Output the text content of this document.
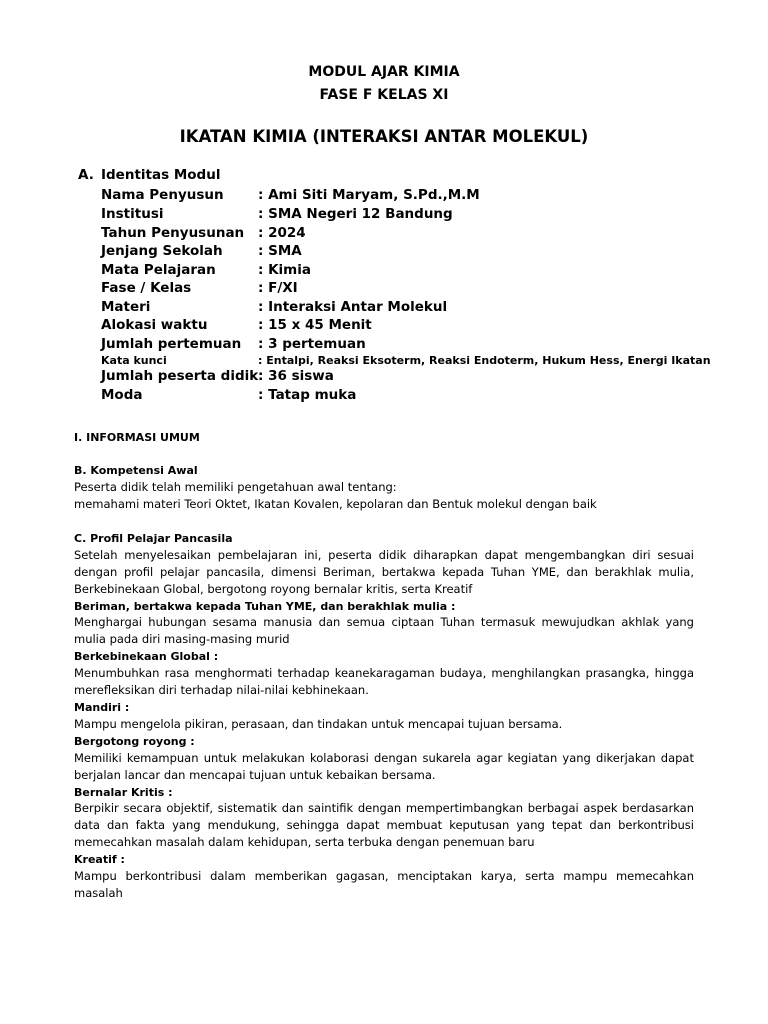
MODUL AJAR KIMIA
FASE F KELAS XI
IKATAN KIMIA (INTERAKSI ANTAR MOLEKUL)
A. Identitas Modul
Nama Penyusun	: Ami Siti Maryam, S.Pd.,M.M
Institusi	: SMA Negeri 12 Bandung
Tahun Penyusunan : 2024
Jenjang Sekolah	: SMA
Mata Pelajaran	: Kimia
Fase / Kelas	: F/XI
Materi	: Interaksi Antar Molekul
Alokasi waktu	: 15 x 45 Menit
Jumlah pertemuan : 3 pertemuan
Kata kunci	: Entalpi, Reaksi Eksoterm, Reaksi Endoterm, Hukum Hess, Energi Ikatan
Jumlah peserta didik : 36 siswa
Moda	: Tatap muka
I. INFORMASI UMUM
B. Kompetensi Awal
Peserta didik telah memiliki pengetahuan awal tentang:
memahami materi Teori Oktet, Ikatan Kovalen, kepolaran dan Bentuk molekul dengan baik
C. Profil Pelajar Pancasila
Setelah menyelesaikan pembelajaran ini, peserta didik diharapkan dapat mengembangkan diri sesuai dengan profil pelajar pancasila, dimensi Beriman, bertakwa kepada Tuhan YME, dan berakhlak mulia, Berkebinekaan Global, bergotong royong bernalar kritis, serta Kreatif
Beriman, bertakwa kepada Tuhan YME, dan berakhlak mulia :
Menghargai hubungan sesama manusia dan semua ciptaan Tuhan termasuk mewujudkan akhlak yang mulia pada diri masing-masing murid
Berkebinekaan Global :
Menumbuhkan rasa menghormati terhadap keanekaragaman budaya, menghilangkan prasangka, hingga merefleksikan diri terhadap nilai-nilai kebhinekaan.
Mandiri :
Mampu mengelola pikiran, perasaan, dan tindakan untuk mencapai tujuan bersama.
Bergotong royong :
Memiliki kemampuan untuk melakukan kolaborasi dengan sukarela agar kegiatan yang dikerjakan dapat berjalan lancar dan mencapai tujuan untuk kebaikan bersama.
Bernalar Kritis :
Berpikir secara objektif, sistematik dan saintifik dengan mempertimbangkan berbagai aspek berdasarkan data dan fakta yang mendukung, sehingga dapat membuat keputusan yang tepat dan berkontribusi memecahkan masalah dalam kehidupan, serta terbuka dengan penemuan baru
Kreatif :
Mampu berkontribusi dalam memberikan gagasan, menciptakan karya, serta mampu memecahkan masalah
